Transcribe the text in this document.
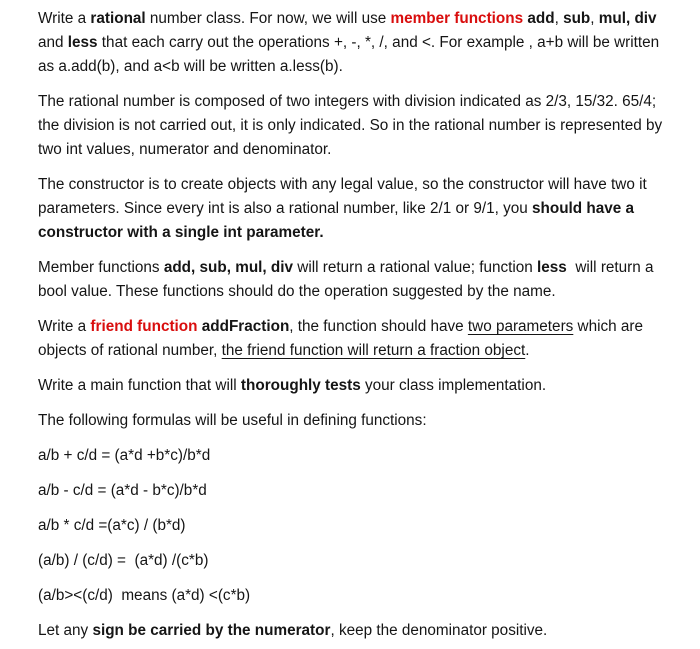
Write a rational number class. For now, we will use member functions add, sub, mul, div and less that each carry out the operations +, -, *, /, and <. For example , a+b will be written as a.add(b), and a<b will be written a.less(b).

The rational number is composed of two integers with division indicated as 2/3, 15/32. 65/4; the division is not carried out, it is only indicated. So in the rational number is represented by two int values, numerator and denominator.

The constructor is to create objects with any legal value, so the constructor will have two it parameters. Since every int is also a rational number, like 2/1 or 9/1, you should have a constructor with a single int parameter.

Member functions add, sub, mul, div will return a rational value; function less  will return a bool value. These functions should do the operation suggested by the name.

Write a friend function addFraction, the function should have two parameters which are objects of rational number, the friend function will return a fraction object.

Write a main function that will thoroughly tests your class implementation.

The following formulas will be useful in defining functions:

a/b + c/d = (a*d +b*c)/b*d

a/b - c/d = (a*d - b*c)/b*d

a/b * c/d =(a*c) / (b*d)

(a/b) / (c/d) =  (a*d) /(c*b)

(a/b><(c/d)  means (a*d) <(c*b)

Let any sign be carried by the numerator, keep the denominator positive.
